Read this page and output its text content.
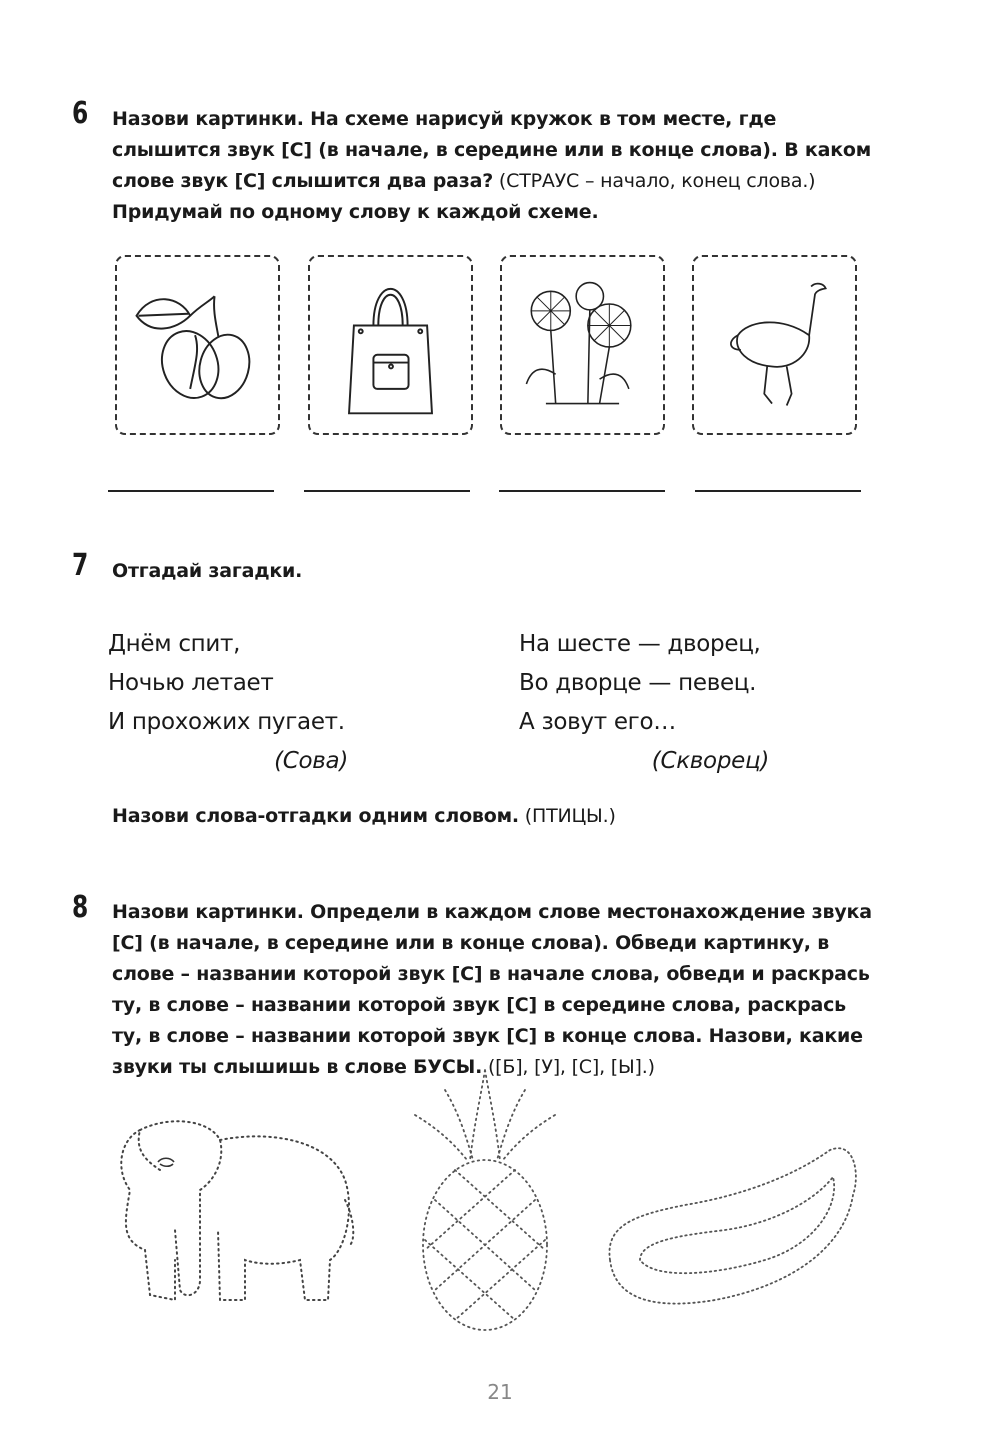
6 Назови картинки. На схеме нарисуй кружок в том месте, где слышится звук [С] (в начале, в середине или в конце слова). В каком слове звук [С] слышится два раза? (СТРАУС – начало, конец слова.) Придумай по одному слову к каждой схеме.
7 Отгадай загадки.
Днём спит,
Ночью летает
И прохожих пугает.
(Сова)
На шесте — дворец,
Во дворце — певец.
А зовут его…
(Скворец)
Назови слова-отгадки одним словом. (ПТИЦЫ.)
8 Назови картинки. Определи в каждом слове местонахождение звука [С] (в начале, в середине или в конце слова). Обведи картинку, в слове – названии которой звук [С] в начале слова, обведи и раскрась ту, в слове – названии которой звук [С] в середине слова, раскрась ту, в слове – названии которой звук [С] в конце слова. Назови, какие звуки ты слышишь в слове БУСЫ. ([Б], [У], [С], [Ы].)
21
